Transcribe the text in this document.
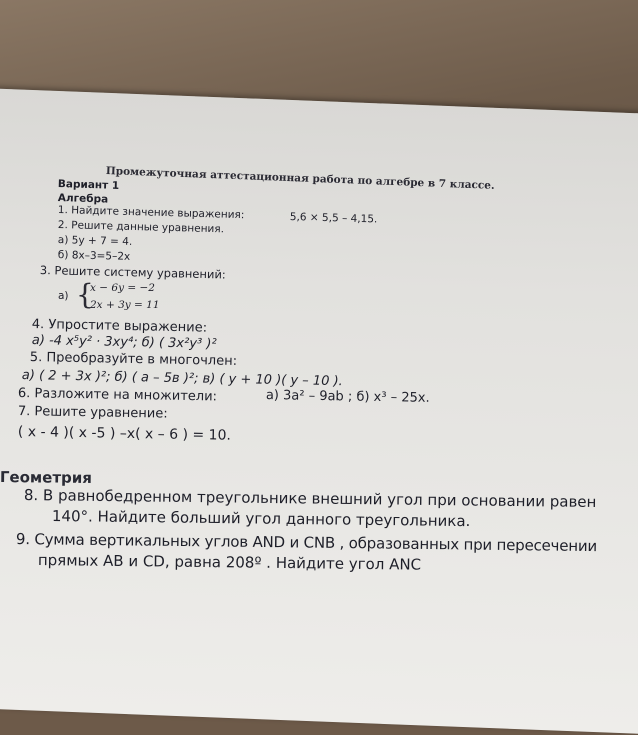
Промежуточная аттестационная работа по алгебре в 7 классе.
Вариант 1
Алгебра
1. Найдите значение выражения:	5,6 × 5,5 – 4,15.
2. Решите данные уравнения.
а) 5y + 7 = 4.
б) 8x–3=5–2x
3. Решите систему уравнений:
а) {
x − 6y = −2
2x + 3y = 11
4. Упростите выражение:
а) -4 x⁵y² · 3xy⁴; б) ( 3x²y³ )²
5. Преобразуйте в многочлен:
а) ( 2 + 3x )²; б) ( a – 5в )²; в) ( y + 10 )( y – 10 ).
6. Разложите на множители:	а) 3a² – 9ab ; б) x³ – 25x.
7. Решите уравнение:
( x - 4 )( x -5 ) –x( x – 6 ) = 10.
Геометрия
8. В равнобедренном треугольнике внешний угол при основании равен
140°. Найдите больший угол данного треугольника.
9. Сумма вертикальных углов AND и CNB , образованных при пересечении
прямых AB и CD, равна 208º . Найдите угол ANC
